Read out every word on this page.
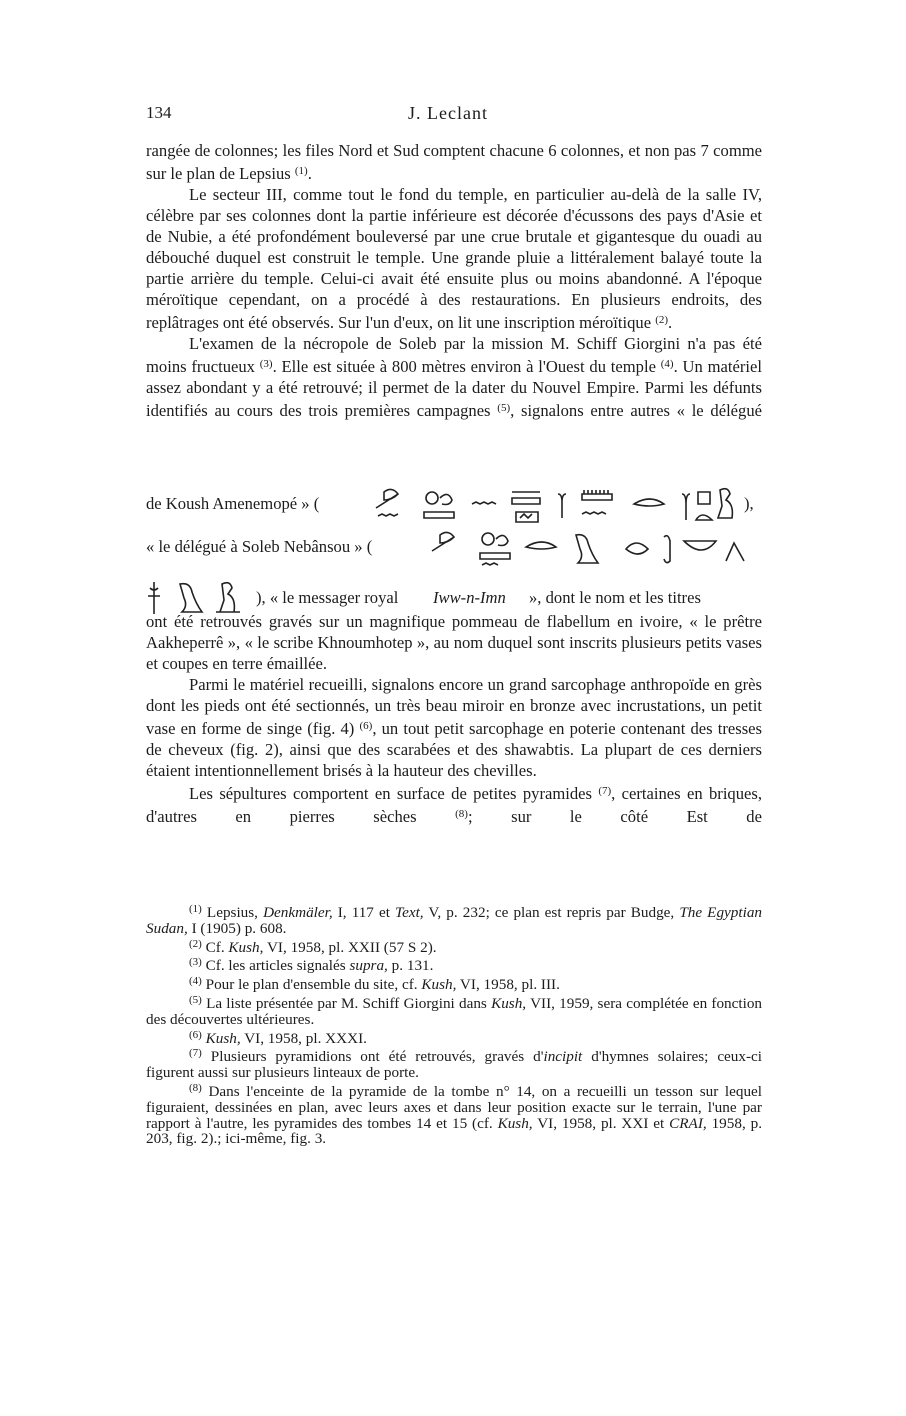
134	J. Leclant

rangée de colonnes; les files Nord et Sud comptent chacune 6 colonnes, et non pas 7 comme sur le plan de Lepsius $^{(1)}$.

Le secteur III, comme tout le fond du temple, en particulier au-delà de la salle IV, célèbre par ses colonnes dont la partie inférieure est décorée d'écussons des pays d'Asie et de Nubie, a été profondément bouleversé par une crue brutale et gigantesque du ouadi au débouché duquel est construit le temple. Une grande pluie a littéralement balayé toute la partie arrière du temple. Celui-ci avait été ensuite plus ou moins abandonné. A l'époque méroïtique cependant, on a procédé à des restaurations. En plusieurs endroits, des replâtrages ont été observés. Sur l'un d'eux, on lit une inscription méroïtique $^{(2)}$.

L'examen de la nécropole de Soleb par la mission M. Schiff Giorgini n'a pas été moins fructueux $^{(3)}$. Elle est située à 800 mètres environ à l'Ouest du temple $^{(4)}$. Un matériel assez abondant y a été retrouvé; il permet de la dater du Nouvel Empire. Parmi les défunts identifiés au cours des trois premières campagnes $^{(5)}$, signalons entre autres « le délégué

de Koush Amenemopé » (	),
« le délégué à Soleb Nebânsou » (
), « le messager royal Iww-n-Imn », dont le nom et les titres

ont été retrouvés gravés sur un magnifique pommeau de flabellum en ivoire, « le prêtre Aakheperrê », « le scribe Khnoumhotep », au nom duquel sont inscrits plusieurs petits vases et coupes en terre émaillée.

Parmi le matériel recueilli, signalons encore un grand sarcophage anthropoïde en grès dont les pieds ont été sectionnés, un très beau miroir en bronze avec incrustations, un petit vase en forme de singe (fig. 4) $^{(6)}$, un tout petit sarcophage en poterie contenant des tresses de cheveux (fig. 2), ainsi que des scarabées et des shawabtis. La plupart de ces derniers étaient intentionnellement brisés à la hauteur des chevilles.

Les sépultures comportent en surface de petites pyramides $^{(7)}$, certaines en briques, d'autres en pierres sèches	$^{(8)}$; sur le côté Est de

$^{(1)}$ Lepsius, Denkmäler, I, 117 et Text, V, p. 232; ce plan est repris par Budge, The Egyptian Sudan, I (1905) p. 608.

$^{(2)}$ Cf. Kush, VI, 1958, pl. XXII (57 S 2).

$^{(3)}$ Cf. les articles signalés supra, p. 131.

$^{(4)}$ Pour le plan d'ensemble du site, cf. Kush, VI, 1958, pl. III.

$^{(5)}$ La liste présentée par M. Schiff Giorgini dans Kush, VII, 1959, sera complétée en fonction des découvertes ultérieures.

$^{(6)}$ Kush, VI, 1958, pl. XXXI.

$^{(7)}$ Plusieurs pyramidions ont été retrouvés, gravés d'incipit d'hymnes solaires; ceux-ci figurent aussi sur plusieurs linteaux de porte.

$^{(8)}$ Dans l'enceinte de la pyramide de la tombe n° 14, on a recueilli un tesson sur lequel figuraient, dessinées en plan, avec leurs axes et dans leur position exacte sur le terrain, l'une par rapport à l'autre, les pyramides des tombes 14 et 15 (cf. Kush, VI, 1958, pl. XXI et CRAI, 1958, p. 203, fig. 2).; ici-même, fig. 3.
